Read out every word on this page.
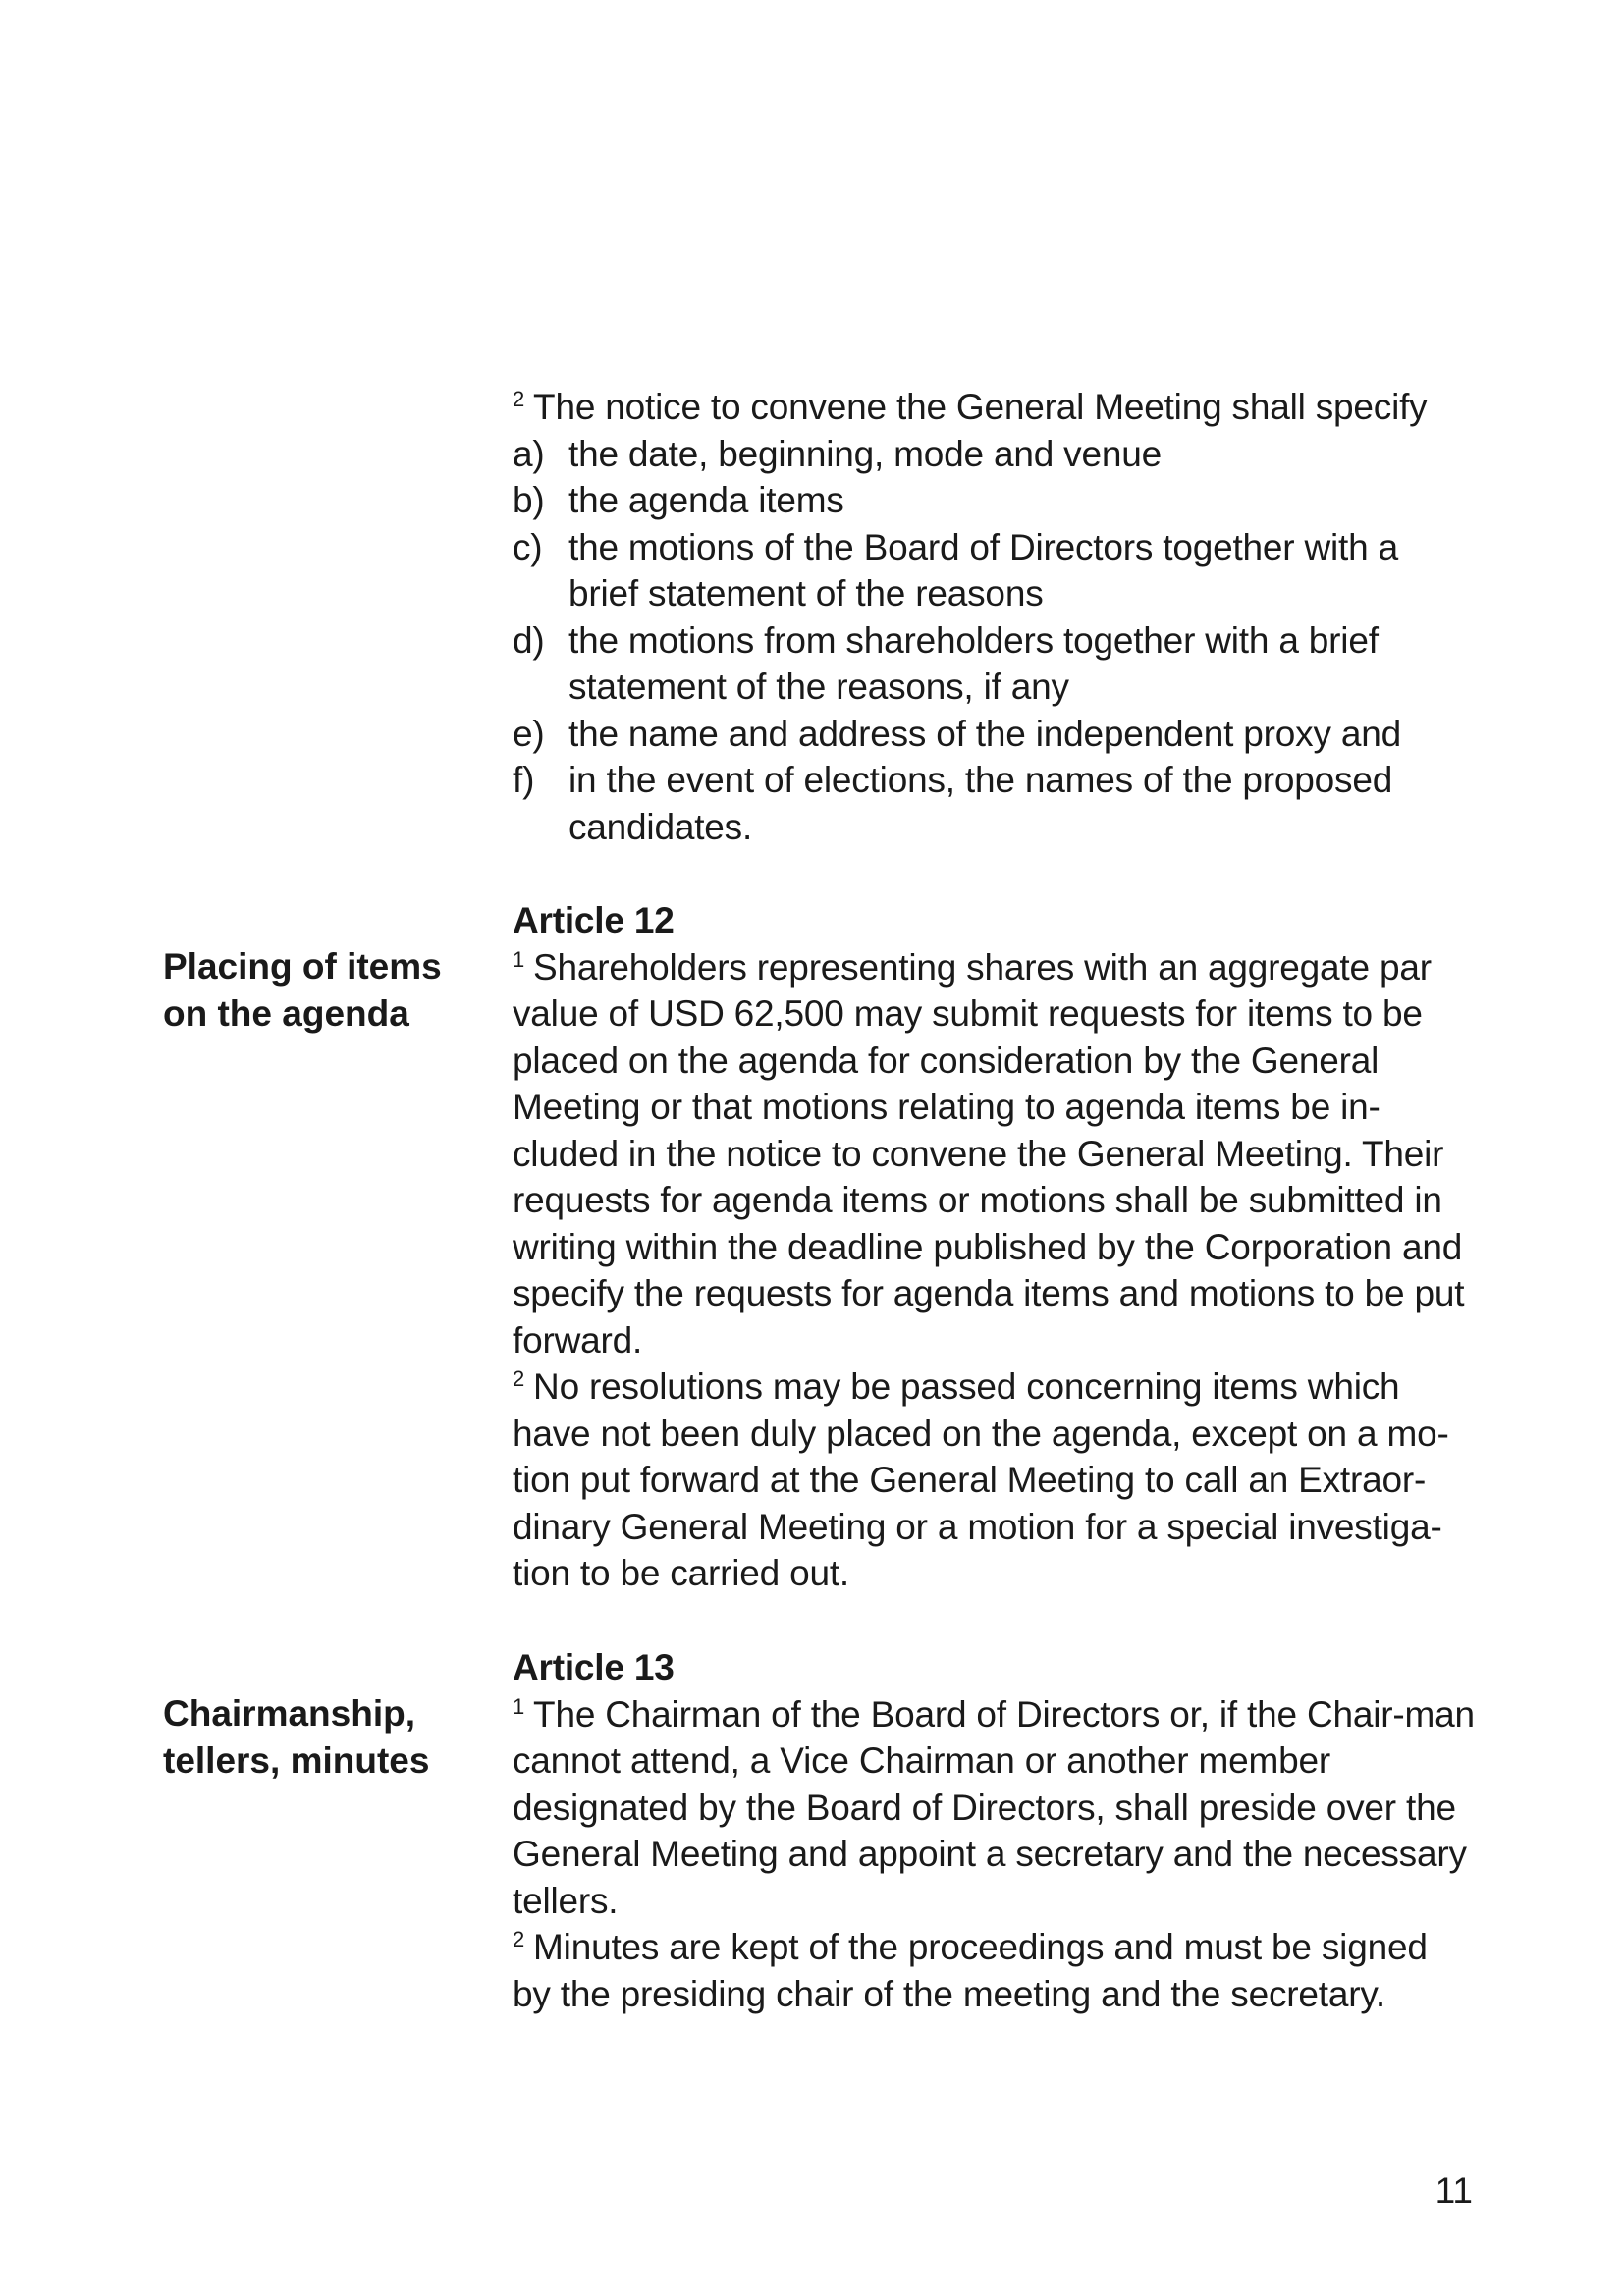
$^2$ The notice to convene the General Meeting shall specify

a) the date, beginning, mode and venue
b) the agenda items
c) the motions of the Board of Directors together with a brief statement of the reasons
d) the motions from shareholders together with a brief statement of the reasons, if any
e) the name and address of the independent proxy and
f) in the event of elections, the names of the proposed candidates.
Placing of items
on the agenda
Article 12

$^1$ Shareholders representing shares with an aggregate par value of USD 62,500 may submit requests for items to be placed on the agenda for consideration by the General Meeting or that motions relating to agenda items be in-cluded in the notice to convene the General Meeting. Their requests for agenda items or motions shall be submitted in writing within the deadline published by the Corporation and specify the requests for agenda items and motions to be put forward.

$^2$ No resolutions may be passed concerning items which have not been duly placed on the agenda, except on a mo-tion put forward at the General Meeting to call an Extraor-dinary General Meeting or a motion for a special investiga-tion to be carried out.

Chairmanship,
tellers, minutes
Article 13

$^1$ The Chairman of the Board of Directors or, if the Chair-man cannot attend, a Vice Chairman or another member designated by the Board of Directors, shall preside over the General Meeting and appoint a secretary and the necessary tellers.

$^2$ Minutes are kept of the proceedings and must be signed by the presiding chair of the meeting and the secretary.

11
